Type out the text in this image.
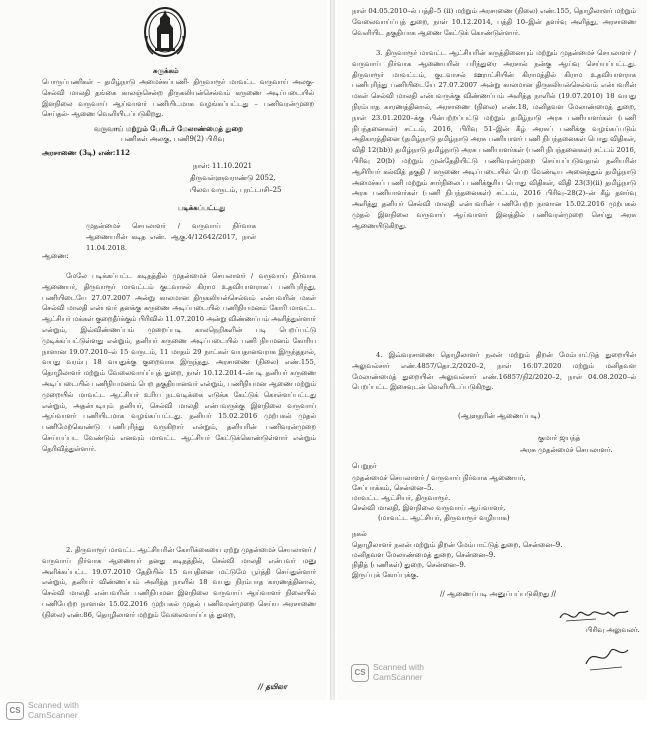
சுருக்கம்
பொருப்பணிகள் – தமிழ்நாடு அமைச்சுப்பணி- திருவாரூர் மாவட்ட வருவாய் அலகு- செல்வி மாலதி தங்கை காலஞ்சென்ற திருகலியன்செல்வம் கருணை அடிப்படையில் இளநிலை வருவாய் ஆய்வாளர் பணியிடமாக வழங்கப்பட்டது – பணிவரன்முறை செய்தல்- ஆணை வெளியிடப்படுகிறது.
வருவாய் மற்றும் பேரிடர் மேலாண்மைத் துறை
பணிகள் அலகு, பணி9(2) பிரிவு
அரசாணை (3டி) எண்:112
நாள்: 11.10.2021
திருவள்ளுவராண்டு 2052,
பிலவ வருடம், புரட்டாசி–25
படிக்கப்பட்டது
முதன்மைச் செயலாளர் / வருவாய் நிர்வாக ஆணையரின் கடித எண். ஆகு.4/12642/2017, நாள் 11.04.2018.
ஆணை:
மேலே படிக்கப்பட்ட கடிதத்தில் முதன்மைச் செயலாளர் / வருவாய் நிர்வாக ஆணையர், திருவாரூர் மாவட்டம் குடவாசல் கிராம உதவியாளராகப் பணிபுரிந்து, பணியிடையே 27.07.2007 அன்று காலமான திருகலியன்செல்வம் என்பவரின் மகள் செல்வி மாலதி என்பவர் தனக்கு கருணை அடிப்படையில் பணிநியமனம் கோரி மாவட்ட ஆட்சியர் மக்கள் குறைதீர்க்கும் பிரிவில் 11.07.2010 அன்று விண்ணப்பம் அளித்துள்ளார் என்றும், இவ்விண்ணப்பம் முறைப்படி காலநெறிகளின் படி பெறப்பட்டு முடிக்கப்பட்டுள்ளது என்றும், தனியர் கருணை அடிப்படையில் பணி நியமனம் கோரிய நாளான 19.07.2010–ல் 15 வருடம், 11 மாதம் 29 நாட்கள் வயதானவராக இருந்ததால், வயது வரம்பு 18 வயதுக்கு குறைவாக இருந்தது. அரசாணை (நிலை) எண்.155, தொழிலாளர் மற்றும் வேலைவாய்ப்புத் துறை, நாள் 10.12.2014–ன்படி தனியர் கருணை அடிப்படையில் பணிநியமனம் பெற தகுதியானவர் என்றும், பணிநியமன ஆணை மற்றும் முறையில் மாவட்ட ஆட்சியர் உரிய நடவடிக்கை எடுக்க கேட்டுக் கொள்ளப்பட்டது என்றும், அதன்படியும் தனியர், செல்வி மாலதி என்பவருக்கு இளநிலை வருவாய் ஆய்வாளர் பணியிடமாக வழங்கப்பட்டது. தனியர் 15.02.2016 முற்பகல் முதல் பணிமேற்கொண்டு பணிபுரிந்து வருகிறார் என்றும், தனியரின் பணிவரன்முறை செய்யப்பட வேண்டும் எனவும் மாவட்ட ஆட்சியர் கேட்டுக்கொண்டுள்ளார் என்றும் தெரிவித்துள்ளார்.
2. திருவாரூர் மாவட்ட ஆட்சியரின் கோரிக்கையை ஏற்று முதன்மைச் செயலாளர் / வருவாய் நிர்வாக ஆணையர் தனது கடிதத்தில், செல்வி மாலதி என்பவர் மனு அளிக்கப்பட்ட 19.07.2010 தேதியில் 15 வயதினை மட்டுமே பூர்த்தி செய்துள்ளார் என்றும், தனியர் விண்ணப்பம் அளித்த நாளில் 18 வயது நிரம்பாத காரணத்தினால், செல்வி மாலதி என்பவரின் பணிநியமன இளநிலை வருவாய் ஆய்வாளர் நிலையில் பணியேற்ற நாளான 15.02.2016 முற்பகல் முதல் பணிவரன்முறை செய்ய அரசாணை (நிலை) எண்.86, தொழிலாளர் மற்றும் வேலைவாய்ப்புத் துறை,
// தயிலா
நாள் 04.05.2010–ல் பத்தி–5 (ii) மற்றும் அரசாணை (நிலை) எண்.155, தொழிலாளர் மற்றும் வேலைவாய்ப்புத் துறை, நாள் 10.12.2014, பத்தி 10–இன் தளர்வு அளித்து, அரசாணை வெளியிட தகுதியாக ஆணை கேட்டுக் கொண்டுள்ளார்.
3. திருவாரூர் மாவட்ட ஆட்சியரின் கருத்தினையும் மற்றும் முதன்மைச் செயலாளர் / வருவாய் நிர்வாக ஆணையரின் பரிந்துரை அரசால் நன்கு ஆய்வு செய்யப்பட்டது. திருவாரூர் மாவட்டம், குடவாசல் ஊராட்சியின் கிராமத்தில் கிராம உதவியாளராக பணிபுரிந்து பணியிடையே 27.07.2007 அன்று காலமான திருகலியன்செல்வம் என்பவரின் மகள் செல்வி மாலதி என்பவருக்கு விண்ணப்பம் அளித்த நாளில் (19.07.2010) 18 வயது நிரம்பாத காரணத்தினால், அரசாணை (நிலை) எண்.18, மனிதவள மேலாண்மைத் துறை, நாள் 23.01.2020–க்கு பின்பற்றப்பட்டு மற்றும் தமிழ்நாடு அரசு பணியாளர்கள் (பணி நிபந்தனைகள்) சட்டம், 2016, பிரிவு 51–இன் கீழ் அரசுப் பணிக்கு வழங்கப்படும் அதிகாரத்தினை (தமிழ்நாடு தமிழ்நாடு அரசு பணியாளர் பணி நிபந்தனைகள் பொது விதிகள், விதி 12(bb)) தமிழ்நாடு தமிழ்நாடு அரசு பணியாளர்கள் (பணி நிபந்தனைகள்) சட்டம் 2016, பிரிவு 20(b) மற்றும் முன்தேதியிட்டு பணிவரன்முறை செய்யப்படுவதால் தனியரின் ஆசிரியர் கல்வித் தகுதி / கருணை அடிப்படையில் பெற வேண்டிய அனைத்தும் தமிழ்நாடு அமைச்சுப் பணி மற்றும் சார்நிலைப் பணிக்குரிய பொது விதிகள், விதி 23(3)(ii) தமிழ்நாடு அரசு பணியாளர்கள் (பணி நிபந்தனைகள்) சட்டம், 2016 பிரிவு–28(2)–ன் கீழ் தளர்வு அளித்து தனியர் செல்வி மாலதி என்பவரின் பணியேற்ற நாளான 15.02.2016 முற்பகல் முதல் இளநிலை வருவாய் ஆய்வாளர் இனத்தில் பணிவரன்முறை செய்து அரசு ஆணையிடுகிறது.
4. இவ்வரசாணை தொழிலாளர் நலன் மற்றும் திறன் மேம்பாட்டுத் துறையின் அலுவல்சார் எண்.4857/தொ.2/2020–2, நாள் 16.07.2020 மற்றும் மனிதவள மேலாண்மைத் துறையின் அலுவல்சார் எண்.16857/நி2/2020–2, நாள் 04.08.2020–ல் பெறப்பட்ட இசைவுடன் வெளியிடப்படுகிறது.
(ஆளுநரின் ஆணைப்படி)
குமார் ஜயந்த்
அரசு முதன்மைச் செயலாளர்.
பெறுநர்
முதன்மைச் செயலாளர் / வருவாய் நிர்வாக ஆணையர்,
சேப்பாக்கம், சென்னை–5.
மாவட்ட ஆட்சியர், திருவாரூர்.
செல்வி மாலதி, இளநிலை வருவாய் ஆய்வாளர்,
(மாவட்ட ஆட்சியர், திருவாரூர் வழியாக)
நகல்
தொழிலாளர் நலன் மற்றும் திறன் மேம்பாட்டுத் துறை, சென்னை–9.
மனிதவள மேலாண்மைத் துறை, சென்னை–9.
நிதித் (பணிகள்) துறை, சென்னை–9.
இருப்புக் கோப்புக்கு.
// ஆணைப்படி அனுப்பப்படுகிறது //
பிரிவு அலுவலர்.
CS
Scanned with CamScanner
CS
Scanned with CamScanner
